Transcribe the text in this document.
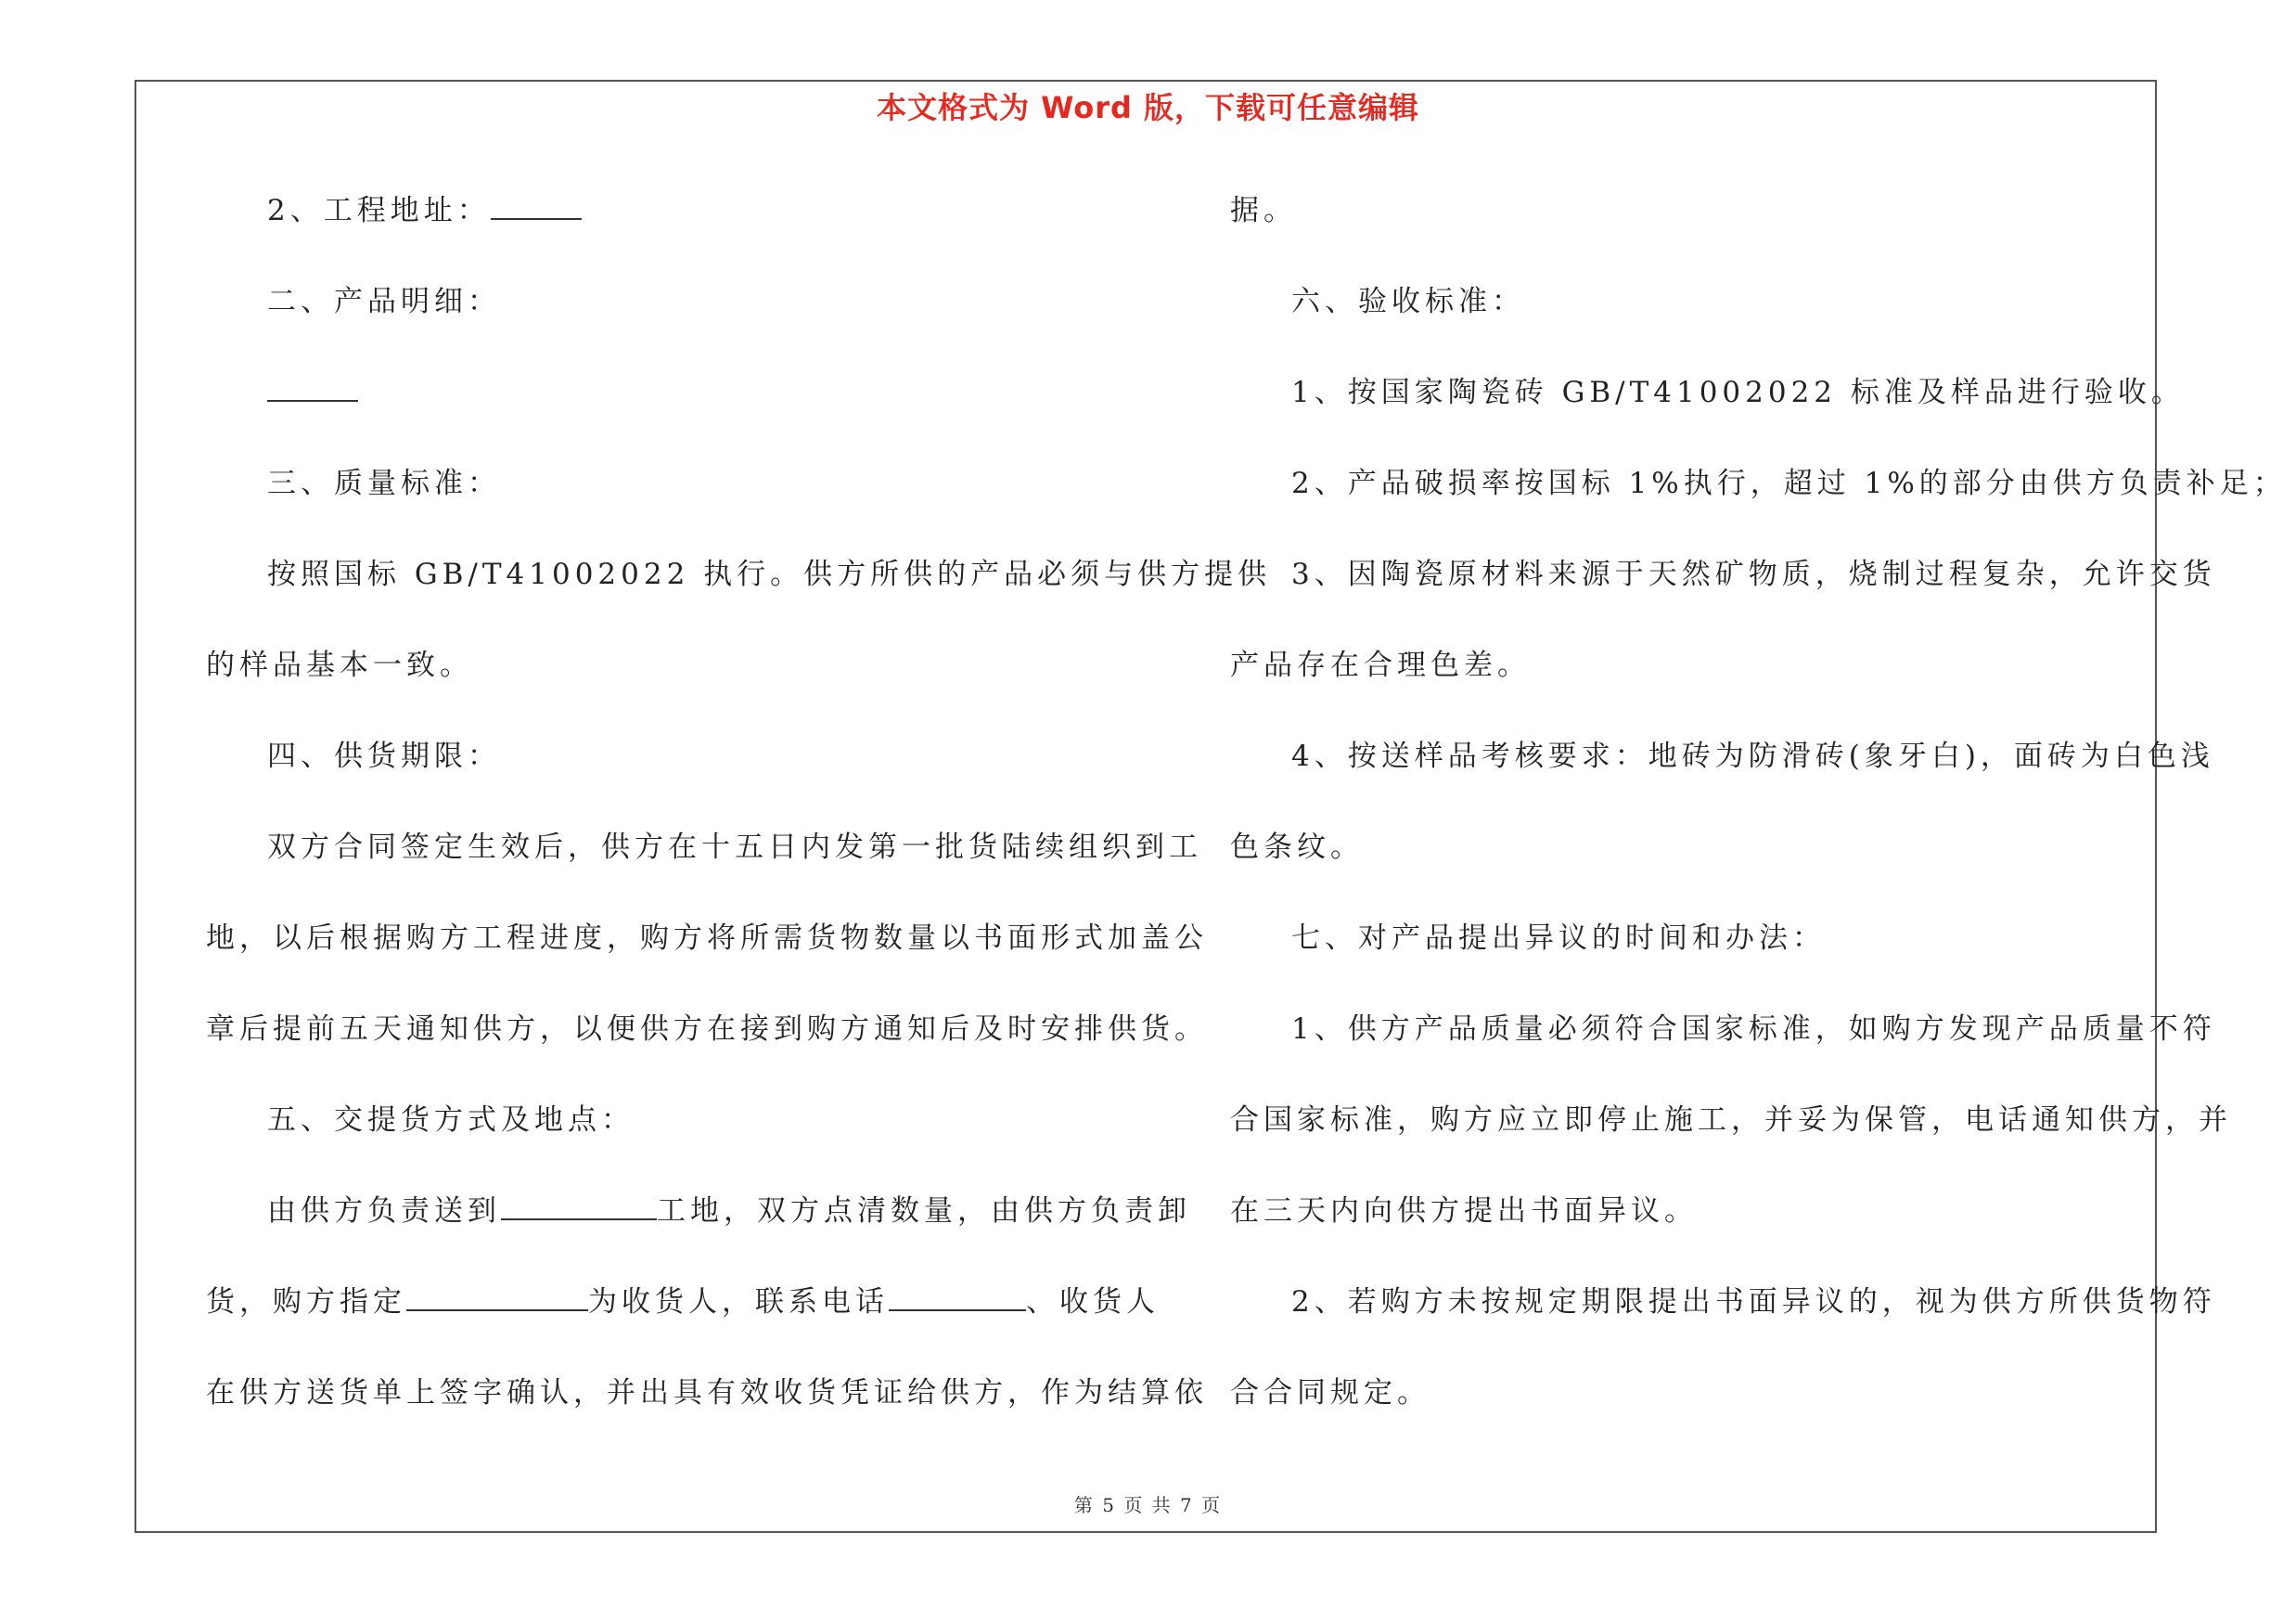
本文格式为 Word 版，下载可任意编辑
2、工程地址：
二、产品明细：
三、质量标准：
按照国标 GB/T41002022 执行。供方所供的产品必须与供方提供
的样品基本一致。
四、供货期限：
双方合同签定生效后，供方在十五日内发第一批货陆续组织到工
地，以后根据购方工程进度，购方将所需货物数量以书面形式加盖公
章后提前五天通知供方，以便供方在接到购方通知后及时安排供货。
五、交提货方式及地点：
由供方负责送到	工地，双方点清数量，由供方负责卸
货，购方指定	为收货人，联系电话	、收货人
在供方送货单上签字确认，并出具有效收货凭证给供方，作为结算依
据。
六、验收标准：
1、按国家陶瓷砖 GB/T41002022 标准及样品进行验收。
2、产品破损率按国标 1%执行，超过 1%的部分由供方负责补足；
3、因陶瓷原材料来源于天然矿物质，烧制过程复杂，允许交货
产品存在合理色差。
4、按送样品考核要求：地砖为防滑砖(象牙白)，面砖为白色浅
色条纹。
七、对产品提出异议的时间和办法：
1、供方产品质量必须符合国家标准，如购方发现产品质量不符
合国家标准，购方应立即停止施工，并妥为保管，电话通知供方，并
在三天内向供方提出书面异议。
2、若购方未按规定期限提出书面异议的，视为供方所供货物符
合合同规定。
第 5 页 共 7 页
